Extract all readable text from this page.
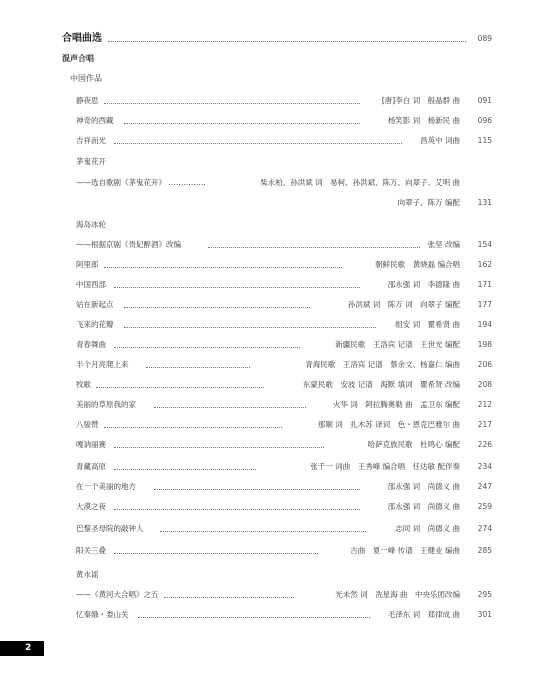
合唱曲选	089
混声合唱
中国作品
静夜思	[唐]李白 词　般晶群 曲	091
神奇的西藏	杨笑影 词　杨新民 曲	096
吉祥而光	昌英中 词曲	115
茅鬼花开
——选自歌剧《茅鬼花开》 ……………	柴永柏、孙洪斌 词　易柯、孙洪斌、陈万、向翠子、艾明 曲
向翠子、陈万 编配	131
海岛冰轮
——根据京剧《贵妃醉酒》改编	张坚 改编	154
阿里郎	朝鲜民歌　黄晓磊 编合唱	162
中国西部	邵永强 词　李德隆 曲	171
站在新起点	孙洪斌 词　陈万 词　向翠子 编配	177
飞来的花瓣	组安 词　瞿希贤 曲	194
青春舞曲	新疆民歌　王洛宾 记谱　王世光 编配	198
半个月亮爬上来	青海民歌　王洛宾 记谱　蔡余文、杨嘉仁 编曲	206
牧歌	东蒙民歌　安波 记谱　海默 填词　瞿希贤 改编	208
美丽的草原我的家	火华 词　阿拉腾奥勒 曲　孟卫东 编配	212
八骏赞	那顺 词　扎木苏 译词　色・恩克巴雅尔 曲	217
嘎讷丽赛	哈萨克族民歌　杜鸣心 编配	226
青藏高原	张千一 词曲　王秀峰 编合唱　任达敏 配伴奏	234
在一个美丽的地方	邵永强 词　尚德义 曲	247
大漠之夜	邵永强 词　尚德义 曲	259
巴黎圣母院的敲钟人	志同 词　尚德义 曲	274
阳关三叠	古曲　夏一峰 传谱　王健业 编曲	285
黄水谣
——《黄河大合唱》之五	光未然 词　冼星海 曲　中央乐团改编	295
忆秦娥・娄山关	毛泽东 词　郑律成 曲	301
2
